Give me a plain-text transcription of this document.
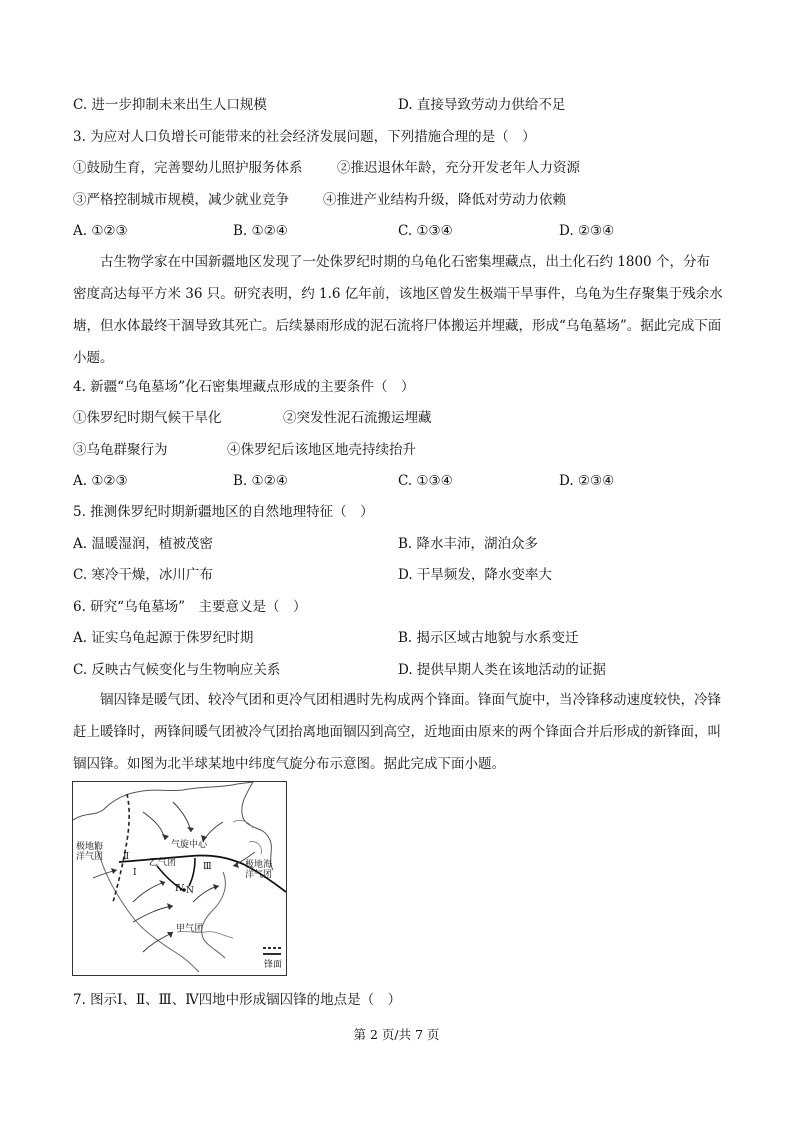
C. 进一步抑制未来出生人口规模	D. 直接导致劳动力供给不足
3. 为应对人口负增长可能带来的社会经济发展问题，下列措施合理的是（　）
①鼓励生育，完善婴幼儿照护服务体系	②推迟退休年龄，充分开发老年人力资源
③严格控制城市规模，减少就业竞争	④推进产业结构升级，降低对劳动力依赖
A. ①②③	B. ①②④	C. ①③④	D. ②③④
古生物学家在中国新疆地区发现了一处侏罗纪时期的乌龟化石密集埋藏点，出土化石约 1800 个，分布密度高达每平方米 36 只。研究表明，约 1.6 亿年前，该地区曾发生极端干旱事件，乌龟为生存聚集于残余水塘，但水体最终干涸导致其死亡。后续暴雨形成的泥石流将尸体搬运并埋藏，形成“乌龟墓场”。据此完成下面小题。
4. 新疆“乌龟墓场”化石密集埋藏点形成的主要条件（　）
①侏罗纪时期气候干旱化	②突发性泥石流搬运埋藏
③乌龟群聚行为	④侏罗纪后该地区地壳持续抬升
A. ①②③	B. ①②④	C. ①③④	D. ②③④
5. 推测侏罗纪时期新疆地区的自然地理特征（　）
A. 温暖湿润，植被茂密	B. 降水丰沛，湖泊众多
C. 寒冷干燥，冰川广布	D. 干旱频发，降水变率大
6. 研究“乌龟墓场”　主要意义是（　）
A. 证实乌龟起源于侏罗纪时期	B. 揭示区域古地貌与水系变迁
C. 反映古气候变化与生物响应关系	D. 提供早期人类在该地活动的证据
锢囚锋是暖气团、较冷气团和更冷气团相遇时先构成两个锋面。锋面气旋中，当冷锋移动速度较快，冷锋赶上暖锋时，两锋间暖气团被冷气团抬离地面锢囚到高空，近地面由原来的两个锋面合并后形成的新锋面，叫锢囚锋。如图为北半球某地中纬度气旋分布示意图。据此完成下面小题。
极地海
洋气团
气旋中心
乙气团	极地海
洋气团
甲气团
Ⅰ
Ⅱ
Ⅲ
Ⅳ N
锋面
7. 图示Ⅰ、Ⅱ、Ⅲ、Ⅳ四地中形成锢囚锋的地点是（　）
第 2 页/共 7 页
